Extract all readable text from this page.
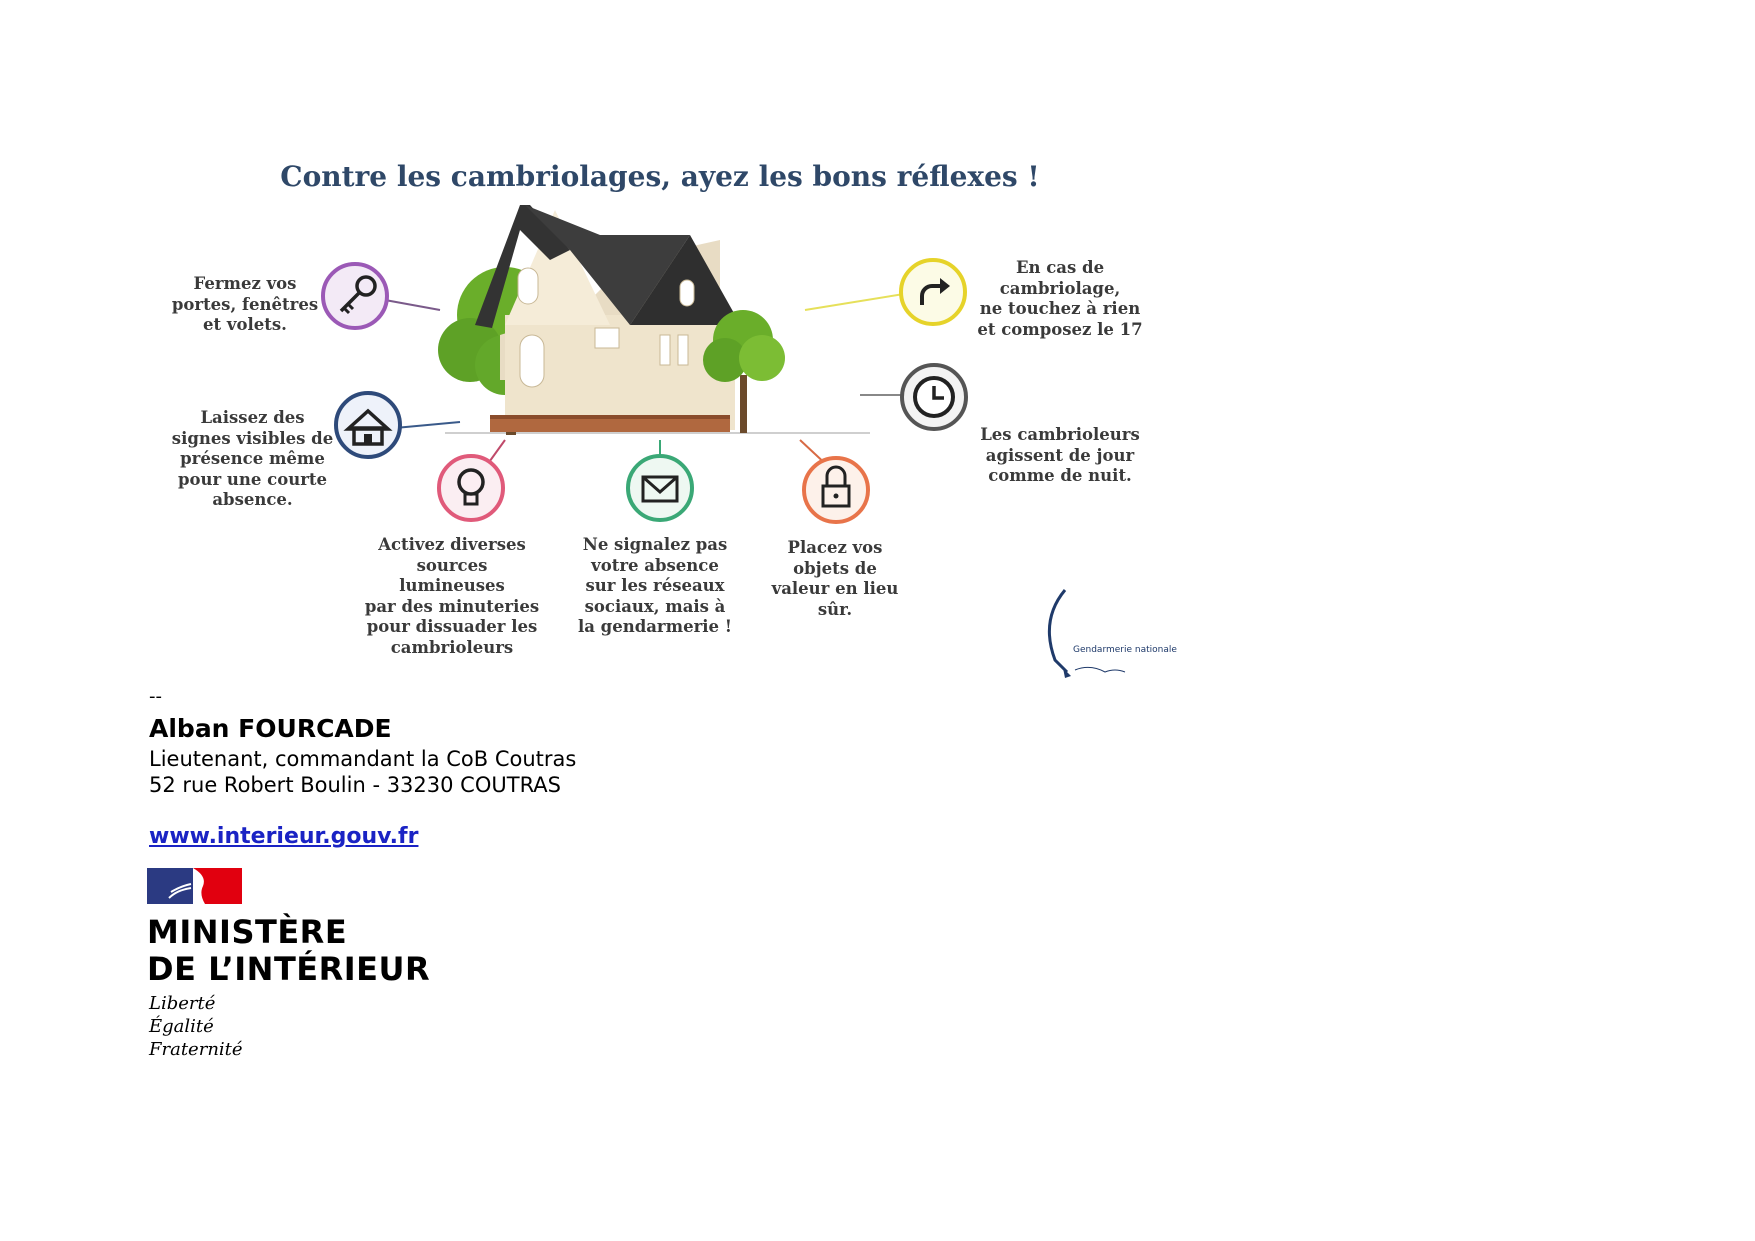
Contre les cambriolages, ayez les bons réflexes !
Fermez vos
portes, fenêtres
et volets.
Laissez des
signes visibles de
présence même
pour une courte
absence.
Activez diverses
sources lumineuses
par des minuteries
pour dissuader les
cambrioleurs
Ne signalez pas
votre absence
sur les réseaux
sociaux, mais à
la gendarmerie !
Placez vos
objets de
valeur en lieu
sûr.
En cas de
cambriolage,
ne touchez à rien
et composez le 17
Les cambrioleurs
agissent de jour
comme de nuit.
Gendarmerie nationale
--
Alban FOURCADE
Lieutenant, commandant la CoB Coutras
52 rue Robert Boulin - 33230 COUTRAS
www.interieur.gouv.fr
MINISTÈRE
DE L’INTÉRIEUR
Liberté
Égalité
Fraternité
